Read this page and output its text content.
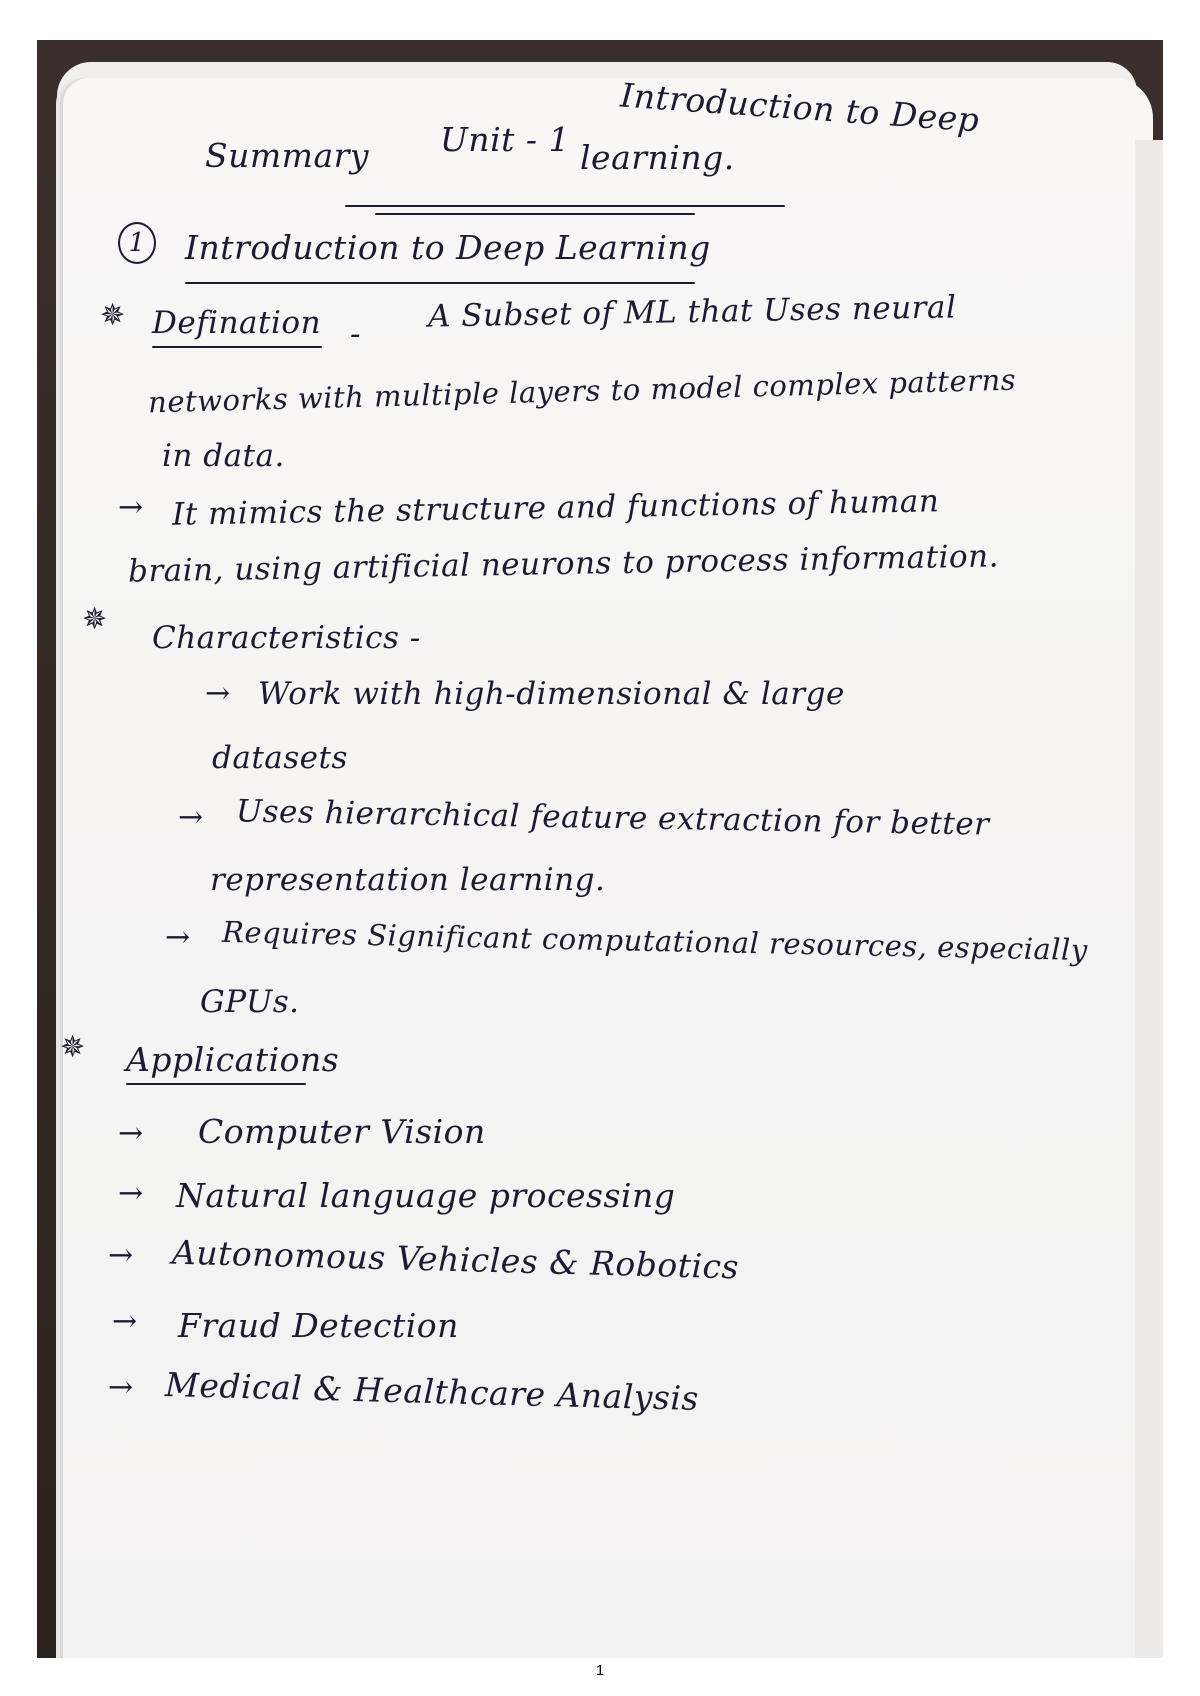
Summary Unit - 1
Introduction to Deep
learning.
1	Introduction to Deep Learning
✵ Defination - A Subset of ML that Uses neural
networks with multiple layers to model complex patterns
in data.
→ It mimics the structure and functions of human
brain, using artificial neurons to process information.
✵
Characteristics -
→ Work with high-dimensional & large
datasets
→ Uses hierarchical feature extraction for better
representation learning.
→ Requires Significant computational resources, especially
GPUs.
✵ Applications
→ Computer Vision
→ Natural language processing
→ Autonomous Vehicles & Robotics
→ Fraud Detection
→ Medical & Healthcare Analysis
1
